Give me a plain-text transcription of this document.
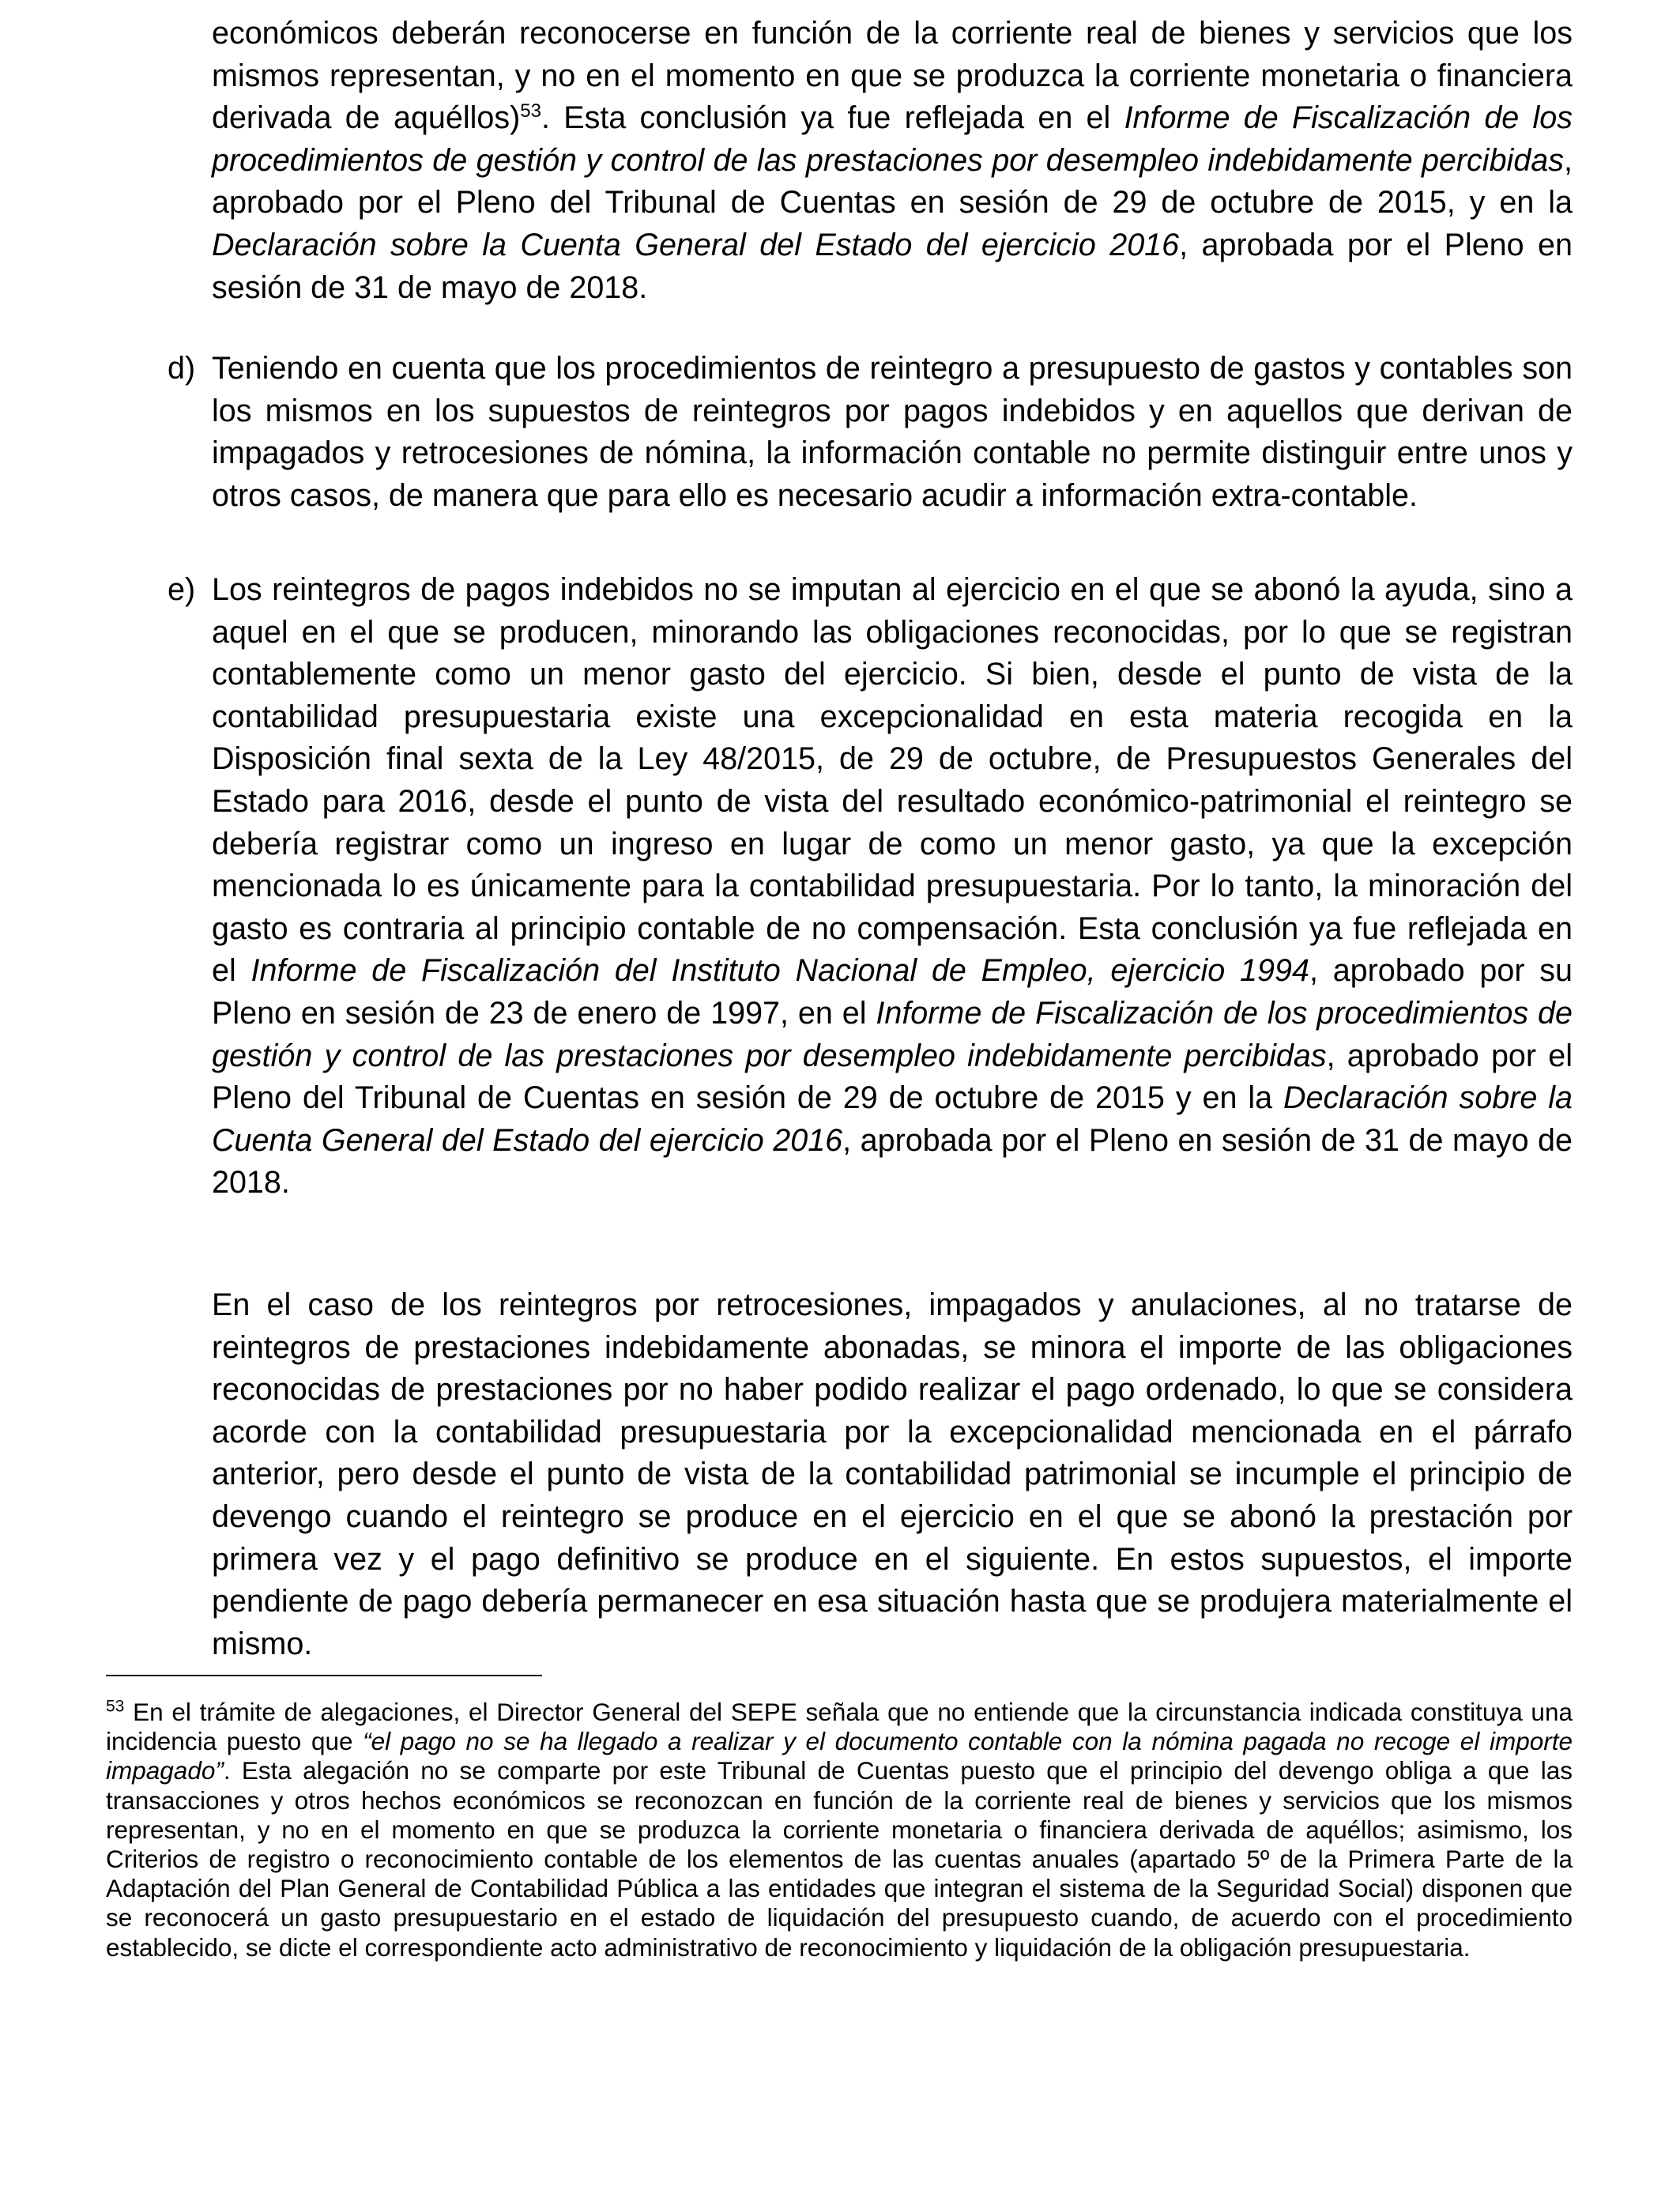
económicos deberán reconocerse en función de la corriente real de bienes y servicios que los mismos representan, y no en el momento en que se produzca la corriente monetaria o financiera derivada de aquéllos)$^{53}$. Esta conclusión ya fue reflejada en el Informe de Fiscalización de los procedimientos de gestión y control de las prestaciones por desempleo indebidamente percibidas, aprobado por el Pleno del Tribunal de Cuentas en sesión de 29 de octubre de 2015, y en la Declaración sobre la Cuenta General del Estado del ejercicio 2016, aprobada por el Pleno en sesión de 31 de mayo de 2018.

d) Teniendo en cuenta que los procedimientos de reintegro a presupuesto de gastos y contables son los mismos en los supuestos de reintegros por pagos indebidos y en aquellos que derivan de impagados y retrocesiones de nómina, la información contable no permite distinguir entre unos y otros casos, de manera que para ello es necesario acudir a información extra-contable.

e) Los reintegros de pagos indebidos no se imputan al ejercicio en el que se abonó la ayuda, sino a aquel en el que se producen, minorando las obligaciones reconocidas, por lo que se registran contablemente como un menor gasto del ejercicio. Si bien, desde el punto de vista de la contabilidad presupuestaria existe una excepcionalidad en esta materia recogida en la Disposición final sexta de la Ley 48/2015, de 29 de octubre, de Presupuestos Generales del Estado para 2016, desde el punto de vista del resultado económico-patrimonial el reintegro se debería registrar como un ingreso en lugar de como un menor gasto, ya que la excepción mencionada lo es únicamente para la contabilidad presupuestaria. Por lo tanto, la minoración del gasto es contraria al principio contable de no compensación. Esta conclusión ya fue reflejada en el Informe de Fiscalización del Instituto Nacional de Empleo, ejercicio 1994, aprobado por su Pleno en sesión de 23 de enero de 1997, en el Informe de Fiscalización de los procedimientos de gestión y control de las prestaciones por desempleo indebidamente percibidas, aprobado por el Pleno del Tribunal de Cuentas en sesión de 29 de octubre de 2015 y en la Declaración sobre la Cuenta General del Estado del ejercicio 2016, aprobada por el Pleno en sesión de 31 de mayo de 2018.

En el caso de los reintegros por retrocesiones, impagados y anulaciones, al no tratarse de reintegros de prestaciones indebidamente abonadas, se minora el importe de las obligaciones reconocidas de prestaciones por no haber podido realizar el pago ordenado, lo que se considera acorde con la contabilidad presupuestaria por la excepcionalidad mencionada en el párrafo anterior, pero desde el punto de vista de la contabilidad patrimonial se incumple el principio de devengo cuando el reintegro se produce en el ejercicio en el que se abonó la prestación por primera vez y el pago definitivo se produce en el siguiente. En estos supuestos, el importe pendiente de pago debería permanecer en esa situación hasta que se produjera materialmente el mismo.

$^{53}$ En el trámite de alegaciones, el Director General del SEPE señala que no entiende que la circunstancia indicada constituya una incidencia puesto que “el pago no se ha llegado a realizar y el documento contable con la nómina pagada no recoge el importe impagado”. Esta alegación no se comparte por este Tribunal de Cuentas puesto que el principio del devengo obliga a que las transacciones y otros hechos económicos se reconozcan en función de la corriente real de bienes y servicios que los mismos representan, y no en el momento en que se produzca la corriente monetaria o financiera derivada de aquéllos; asimismo, los Criterios de registro o reconocimiento contable de los elementos de las cuentas anuales (apartado 5º de la Primera Parte de la Adaptación del Plan General de Contabilidad Pública a las entidades que integran el sistema de la Seguridad Social) disponen que se reconocerá un gasto presupuestario en el estado de liquidación del presupuesto cuando, de acuerdo con el procedimiento establecido, se dicte el correspondiente acto administrativo de reconocimiento y liquidación de la obligación presupuestaria.
